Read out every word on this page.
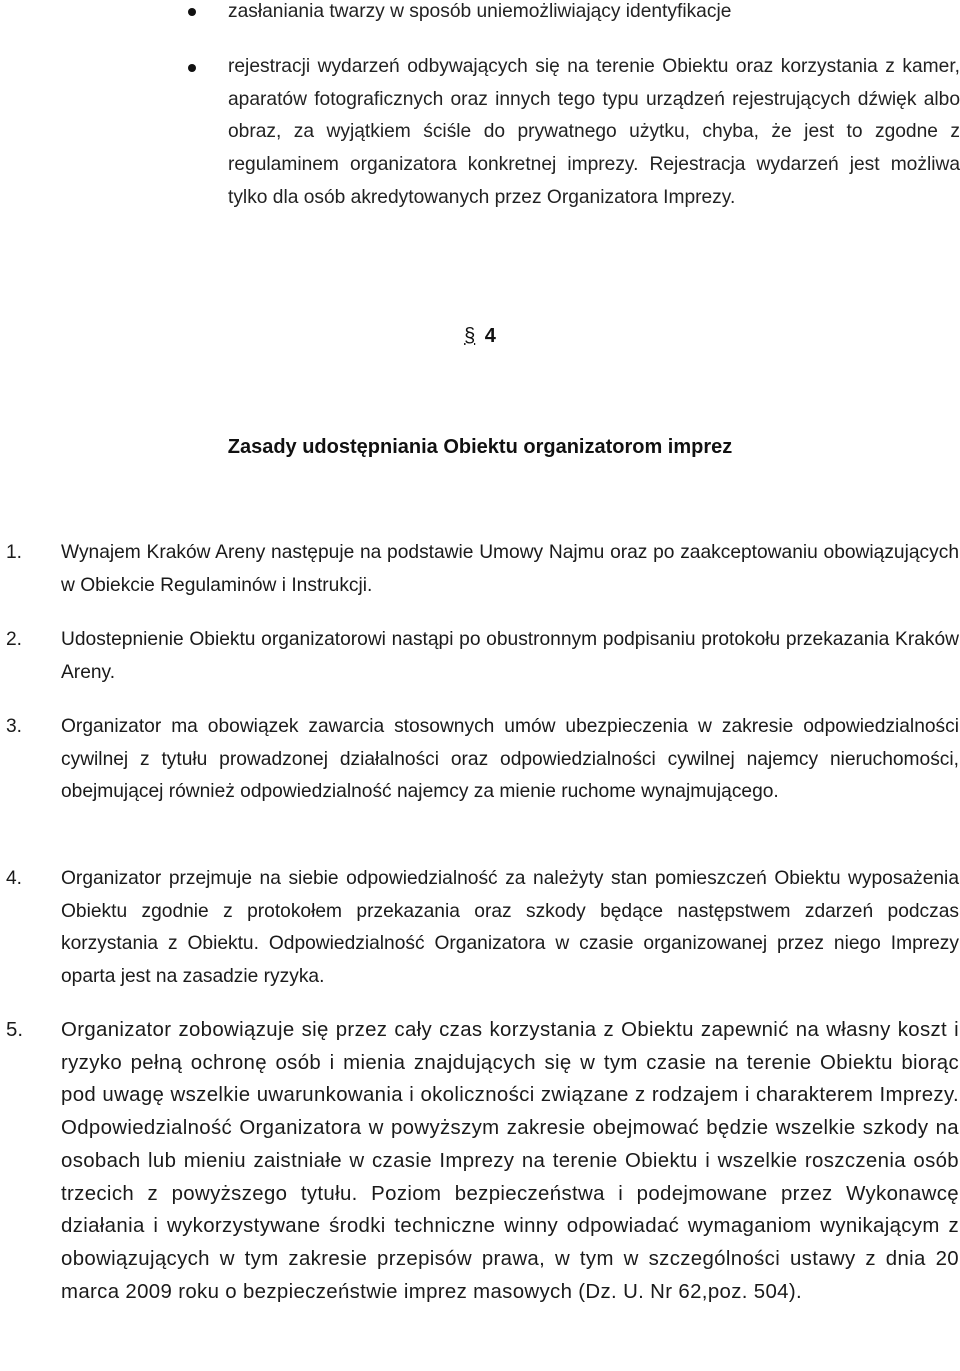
zasłaniania twarzy w sposób uniemożliwiający identyfikacje
rejestracji wydarzeń odbywających się na terenie Obiektu oraz korzystania z kamer, aparatów fotograficznych oraz innych tego typu urządzeń rejestrujących dźwięk albo obraz, za wyjątkiem ściśle do prywatnego użytku, chyba, że jest to zgodne z regulaminem organizatora konkretnej imprezy. Rejestracja wydarzeń jest możliwa tylko dla osób akredytowanych przez Organizatora Imprezy.
§ 4
Zasady udostępniania Obiektu organizatorom imprez
1. Wynajem Kraków Areny następuje na podstawie Umowy Najmu oraz po zaakceptowaniu obowiązujących w Obiekcie Regulaminów i Instrukcji.
2. Udostepnienie Obiektu organizatorowi nastąpi po obustronnym podpisaniu protokołu przekazania Kraków Areny.
3. Organizator ma obowiązek zawarcia stosownych umów ubezpieczenia w zakresie odpowiedzialności cywilnej z tytułu prowadzonej działalności oraz odpowiedzialności cywilnej najemcy nieruchomości, obejmującej również odpowiedzialność najemcy za mienie ruchome wynajmującego.
4. Organizator przejmuje na siebie odpowiedzialność za należyty stan pomieszczeń Obiektu wyposażenia Obiektu zgodnie z protokołem przekazania oraz szkody będące następstwem zdarzeń podczas korzystania z Obiektu. Odpowiedzialność Organizatora w czasie organizowanej przez niego Imprezy oparta jest na zasadzie ryzyka.
5. Organizator zobowiązuje się przez cały czas korzystania z Obiektu zapewnić na własny koszt i ryzyko pełną ochronę osób i mienia znajdujących się w tym czasie na terenie Obiektu biorąc pod uwagę wszelkie uwarunkowania i okoliczności związane z rodzajem i charakterem Imprezy. Odpowiedzialność Organizatora w powyższym zakresie obejmować będzie wszelkie szkody na osobach lub mieniu zaistniałe w czasie Imprezy na terenie Obiektu i wszelkie roszczenia osób trzecich z powyższego tytułu. Poziom bezpieczeństwa i podejmowane przez Wykonawcę działania i wykorzystywane środki techniczne winny odpowiadać wymaganiom wynikającym z obowiązujących w tym zakresie przepisów prawa, w tym w szczególności ustawy z dnia 20 marca 2009 roku o bezpieczeństwie imprez masowych (Dz. U. Nr 62,poz. 504).
